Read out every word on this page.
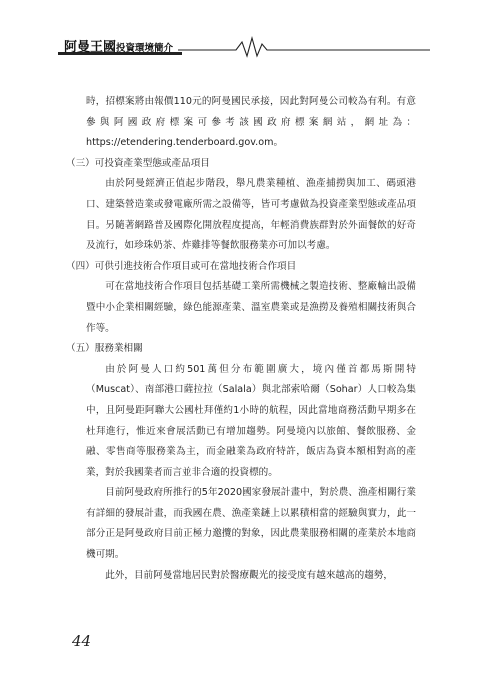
阿曼王國投資環境簡介

時，招標案將由報價110元的阿曼國民承接，因此對阿曼公司較為有利。有意參與阿國政府標案可參考該國政府標案網站，網址為：https://etendering.tenderboard.gov.om。

（三）可投資產業型態或產品項目

由於阿曼經濟正值起步階段，舉凡農業種植、漁產捕撈與加工、碼頭港口、建築營造業或發電廠所需之設備等，皆可考慮做為投資產業型態或產品項目。另隨著網路普及國際化開放程度提高，年輕消費族群對於外面餐飲的好奇及流行，如珍珠奶茶、炸雞排等餐飲服務業亦可加以考慮。

（四）可供引進技術合作項目或可在當地技術合作項目

可在當地技術合作項目包括基礎工業所需機械之製造技術、整廠輸出設備暨中小企業相關經驗，綠色能源產業、溫室農業或是漁撈及養殖相關技術與合作等。

（五）服務業相關

由於阿曼人口約501萬但分布範圍廣大，境內僅首都馬斯開特（Muscat）、南部港口薩拉拉（Salala）與北部索哈爾（Sohar）人口較為集中，且阿曼距阿聯大公國杜拜僅約1小時的航程，因此當地商務活動早期多在杜拜進行，惟近來會展活動已有增加趨勢。阿曼境內以旅館、餐飲服務、金融、零售商等服務業為主，而金融業為政府特許，飯店為資本額相對高的產業，對於我國業者而言並非合適的投資標的。

目前阿曼政府所推行的5年2020國家發展計畫中，對於農、漁產相關行業有詳細的發展計畫，而我國在農、漁產業鏈上以累積相當的經驗與實力，此一部分正是阿曼政府目前正極力邀攬的對象，因此農業服務相關的產業於本地商機可期。

此外，目前阿曼當地居民對於醫療觀光的接受度有越來越高的趨勢，

44
